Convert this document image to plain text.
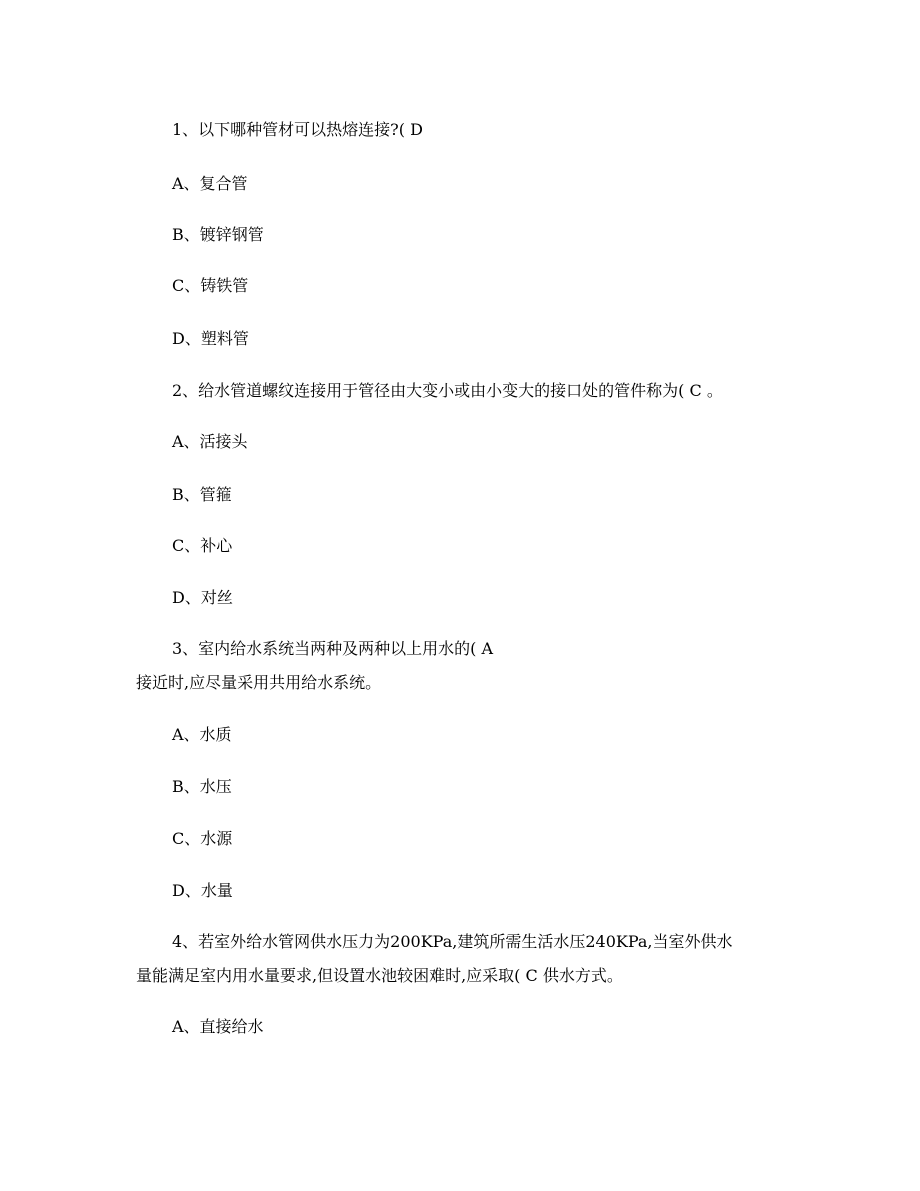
1、以下哪种管材可以热熔连接?( D
A、复合管
B、镀锌钢管
C、铸铁管
D、塑料管
2、给水管道螺纹连接用于管径由大变小或由小变大的接口处的管件称为( C 。
A、活接头
B、管箍
C、补心
D、对丝
3、室内给水系统当两种及两种以上用水的( A
接近时,应尽量采用共用给水系统。
A、水质
B、水压
C、水源
D、水量
4、若室外给水管网供水压力为200KPa,建筑所需生活水压240KPa,当室外供水
量能满足室内用水量要求,但设置水池较困难时,应采取( C 供水方式。
A、直接给水
